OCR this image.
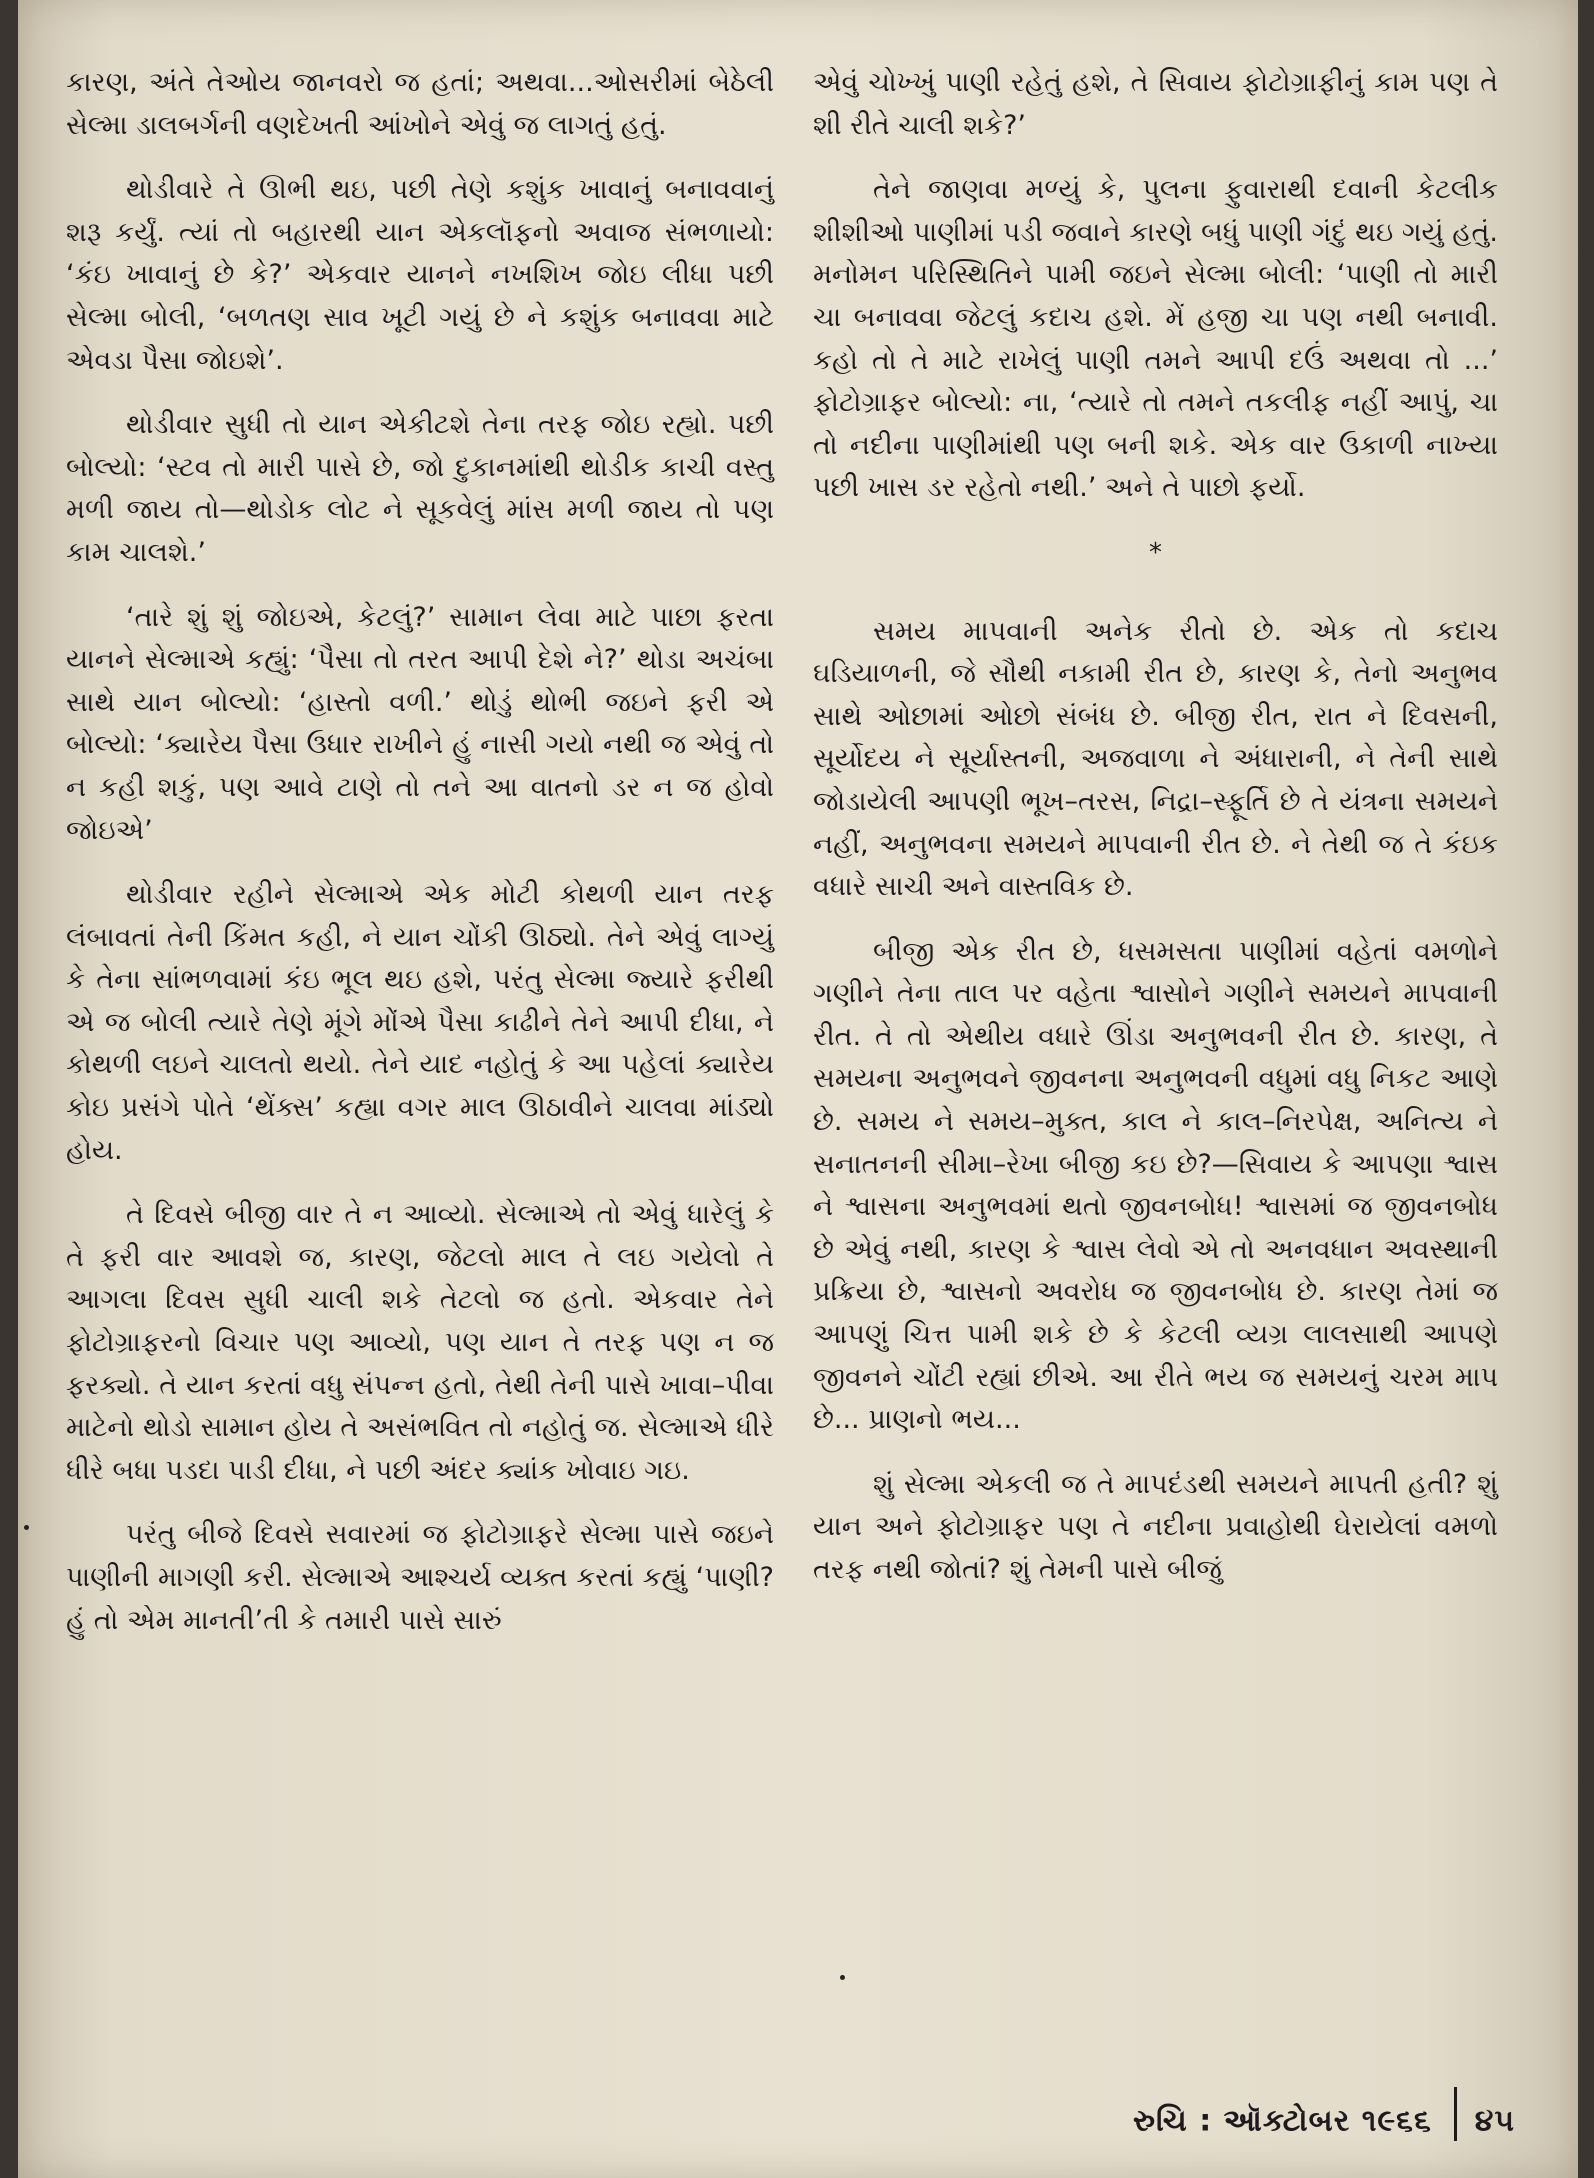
કારણ, અંતે તેઓય જાનવરો જ હતાં; અથવા...ઓસરીમાં બેઠેલી સેલ્મા ડાલબર્ગની વણદેખતી આંખોને એવું જ લાગતું હતું.

થોડીવારે તે ઊભી થઇ, પછી તેણે કશુંક ખાવાનું બનાવવાનું શરૂ કર્યું. ત્યાં તો બહારથી યાન એકલૉફનો અવાજ સંભળાયો: ‘કંઇ ખાવાનું છે કે?’ એકવાર યાનને નખશિખ જોઇ લીધા પછી સેલ્મા બોલી, ‘બળતણ સાવ ખૂટી ગયું છે ને કશુંક બનાવવા માટે એવડા પૈસા જોઇશે’.

થોડીવાર સુધી તો યાન એકીટશે તેના તરફ જોઇ રહ્યો. પછી બોલ્યો: ‘સ્ટવ તો મારી પાસે છે, જો દુકાનમાંથી થોડીક કાચી વસ્તુ મળી જાય તો—થોડોક લોટ ને સૂકવેલું માંસ મળી જાય તો પણ કામ ચાલશે.’

‘તારે શું શું જોઇએ, કેટલું?’ સામાન લેવા માટે પાછા ફરતા યાનને સેલ્માએ કહ્યું: ‘પૈસા તો તરત આપી દેશે ને?’ થોડા અચંબા સાથે યાન બોલ્યો: ‘હાસ્તો વળી.’ થોડું થોભી જઇને ફરી એ બોલ્યો: ‘ક્યારેય પૈસા ઉધાર રાખીને હું નાસી ગયો નથી જ એવું તો ન કહી શકું, પણ આવે ટાણે તો તને આ વાતનો ડર ન જ હોવો જોઇએ’

થોડીવાર રહીને સેલ્માએ એક મોટી કોથળી યાન તરફ લંબાવતાં તેની કિંમત કહી, ને યાન ચોંકી ઊઠ્યો. તેને એવું લાગ્યું કે તેના સાંભળવામાં કંઇ ભૂલ થઇ હશે, પરંતુ સેલ્મા જ્યારે ફરીથી એ જ બોલી ત્યારે તેણે મૂંગે મોંએ પૈસા કાઢીને તેને આપી દીધા, ને કોથળી લઇને ચાલતો થયો. તેને યાદ નહોતું કે આ પહેલાં ક્યારેય કોઇ પ્રસંગે પોતે ‘થેંક્સ’ કહ્યા વગર માલ ઊઠાવીને ચાલવા માંડ્યો હોય.

તે દિવસે બીજી વાર તે ન આવ્યો. સેલ્માએ તો એવું ધારેલું કે તે ફરી વાર આવશે જ, કારણ, જેટલો માલ તે લઇ ગયેલો તે આગલા દિવસ સુધી ચાલી શકે તેટલો જ હતો. એકવાર તેને ફોટોગ્રાફરનો વિચાર પણ આવ્યો, પણ યાન તે તરફ પણ ન જ ફરક્યો. તે યાન કરતાં વધુ સંપન્ન હતો, તેથી તેની પાસે ખાવા–પીવા માટેનો થોડો સામાન હોય તે અસંભવિત તો નહોતું જ. સેલ્માએ ધીરે ધીરે બધા પડદા પાડી દીધા, ને પછી અંદર ક્યાંક ખોવાઇ ગઇ.

પરંતુ બીજે દિવસે સવારમાં જ ફોટોગ્રાફરે સેલ્મા પાસે જઇને પાણીની માગણી કરી. સેલ્માએ આશ્ચર્ય વ્યક્ત કરતાં કહ્યું ‘પાણી? હું તો એમ માનતી’તી કે તમારી પાસે સારું

એવું ચોખ્ખું પાણી રહેતું હશે, તે સિવાય ફોટોગ્રાફીનું કામ પણ તે શી રીતે ચાલી શકે?’

તેને જાણવા મળ્યું કે, પુલના ફુવારાથી દવાની કેટલીક શીશીઓ પાણીમાં પડી જવાને કારણે બધું પાણી ગંદું થઇ ગયું હતું. મનોમન પરિસ્થિતિને પામી જઇને સેલ્મા બોલી: ‘પાણી તો મારી ચા બનાવવા જેટલું કદાચ હશે. મેં હજી ચા પણ નથી બનાવી. કહો તો તે માટે રાખેલું પાણી તમને આપી દઉં અથવા તો ...’ ફોટોગ્રાફર બોલ્યો: ના, ‘ત્યારે તો તમને તકલીફ નહીં આપું, ચા તો નદીના પાણીમાંથી પણ બની શકે. એક વાર ઉકાળી નાખ્યા પછી ખાસ ડર રહેતો નથી.’ અને તે પાછો ફર્યો.

*

સમય માપવાની અનેક રીતો છે. એક તો કદાચ ઘડિયાળની, જે સૌથી નકામી રીત છે, કારણ કે, તેનો અનુભવ સાથે ઓછામાં ઓછો સંબંધ છે. બીજી રીત, રાત ને દિવસની, સૂર્યોદય ને સૂર્યાસ્તની, અજવાળા ને અંધારાની, ને તેની સાથે જોડાયેલી આપણી ભૂખ–તરસ, નિદ્રા–સ્ફૂર્તિ છે તે યંત્રના સમયને નહીં, અનુભવના સમયને માપવાની રીત છે. ને તેથી જ તે કંઇક વધારે સાચી અને વાસ્તવિક છે.

બીજી એક રીત છે, ધસમસતા પાણીમાં વહેતાં વમળોને ગણીને તેના તાલ પર વહેતા શ્વાસોને ગણીને સમયને માપવાની રીત. તે તો એથીય વધારે ઊંડા અનુભવની રીત છે. કારણ, તે સમયના અનુભવને જીવનના અનુભવની વધુમાં વધુ નિકટ આણે છે. સમય ને સમય–મુક્ત, કાલ ને કાલ–નિરપેક્ષ, અનિત્ય ને સનાતનની સીમા–રેખા બીજી કઇ છે?—સિવાય કે આપણા શ્વાસ ને શ્વાસના અનુભવમાં થતો જીવનબોધ! શ્વાસમાં જ જીવનબોધ છે એવું નથી, કારણ કે શ્વાસ લેવો એ તો અનવધાન અવસ્થાની પ્રક્રિયા છે, શ્વાસનો અવરોધ જ જીવનબોધ છે. કારણ તેમાં જ આપણું ચિત્ત પામી શકે છે કે કેટલી વ્યગ્ર લાલસાથી આપણે જીવનને ચોંટી રહ્યાં છીએ. આ રીતે ભય જ સમયનું ચરમ માપ છે... પ્રાણનો ભય...

શું સેલ્મા એકલી જ તે માપદંડથી સમયને માપતી હતી? શું યાન અને ફોટોગ્રાફર પણ તે નદીના પ્રવાહોથી ઘેરાયેલાં વમળો તરફ નથી જોતાં? શું તેમની પાસે બીજું

રુચિ : ઑક્ટોબર ૧૯૬૬ ૪૫
